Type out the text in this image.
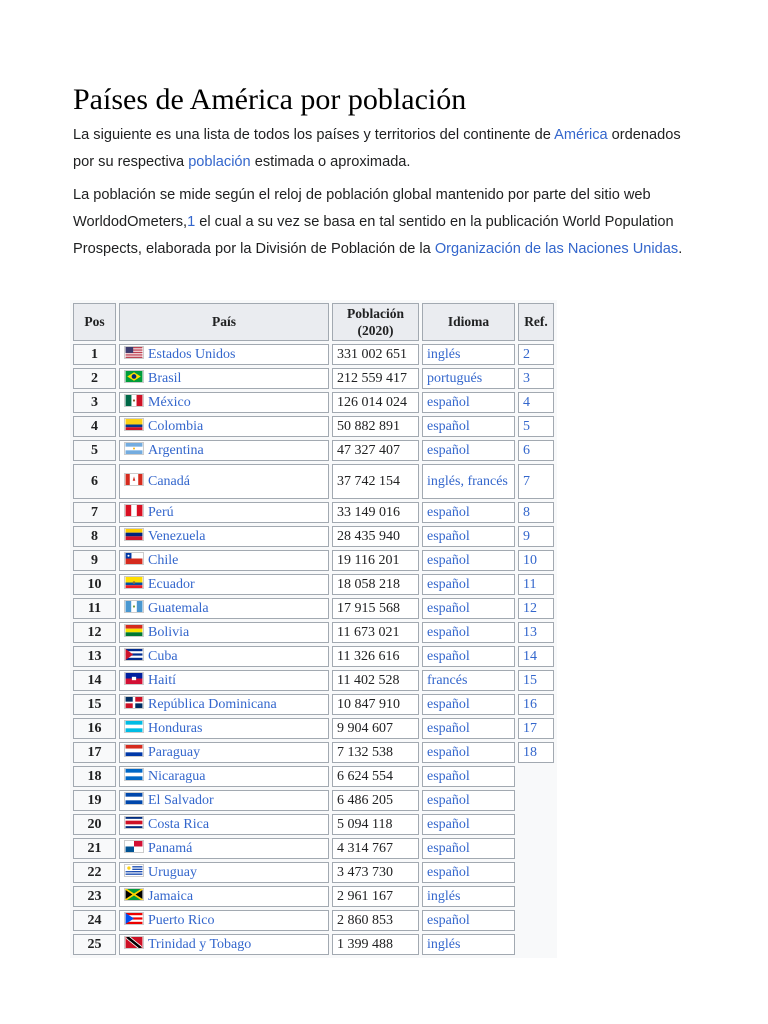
Países de América por población

La siguiente es una lista de todos los países y territorios del continente de América ordenados por su respectiva población estimada o aproximada.

La población se mide según el reloj de población global mantenido por parte del sitio web WorldodOmeters,1 el cual a su vez se basa en tal sentido en la publicación World Population Prospects, elaborada por la División de Población de la Organización de las Naciones Unidas.

Pos	País	Población (2020)	Idioma	Ref.
1	Estados Unidos	331 002 651	inglés	2
2	Brasil	212 559 417	portugués	3
3	México	126 014 024	español	4
4	Colombia	50 882 891	español	5
5	Argentina	47 327 407	español	6
6	Canadá	37 742 154	inglés, francés	7
7	Perú	33 149 016	español	8
8	Venezuela	28 435 940	español	9
9	Chile	19 116 201	español	10
10	Ecuador	18 058 218	español	11
11	Guatemala	17 915 568	español	12
12	Bolivia	11 673 021	español	13
13	Cuba	11 326 616	español	14
14	Haití	11 402 528	francés	15
15	República Dominicana	10 847 910	español	16
16	Honduras	9 904 607	español	17
17	Paraguay	7 132 538	español	18
18	Nicaragua	6 624 554	español	
19	El Salvador	6 486 205	español	
20	Costa Rica	5 094 118	español	
21	Panamá	4 314 767	español	
22	Uruguay	3 473 730	español	
23	Jamaica	2 961 167	inglés	
24	Puerto Rico	2 860 853	español	
25	Trinidad y Tobago	1 399 488	inglés	
